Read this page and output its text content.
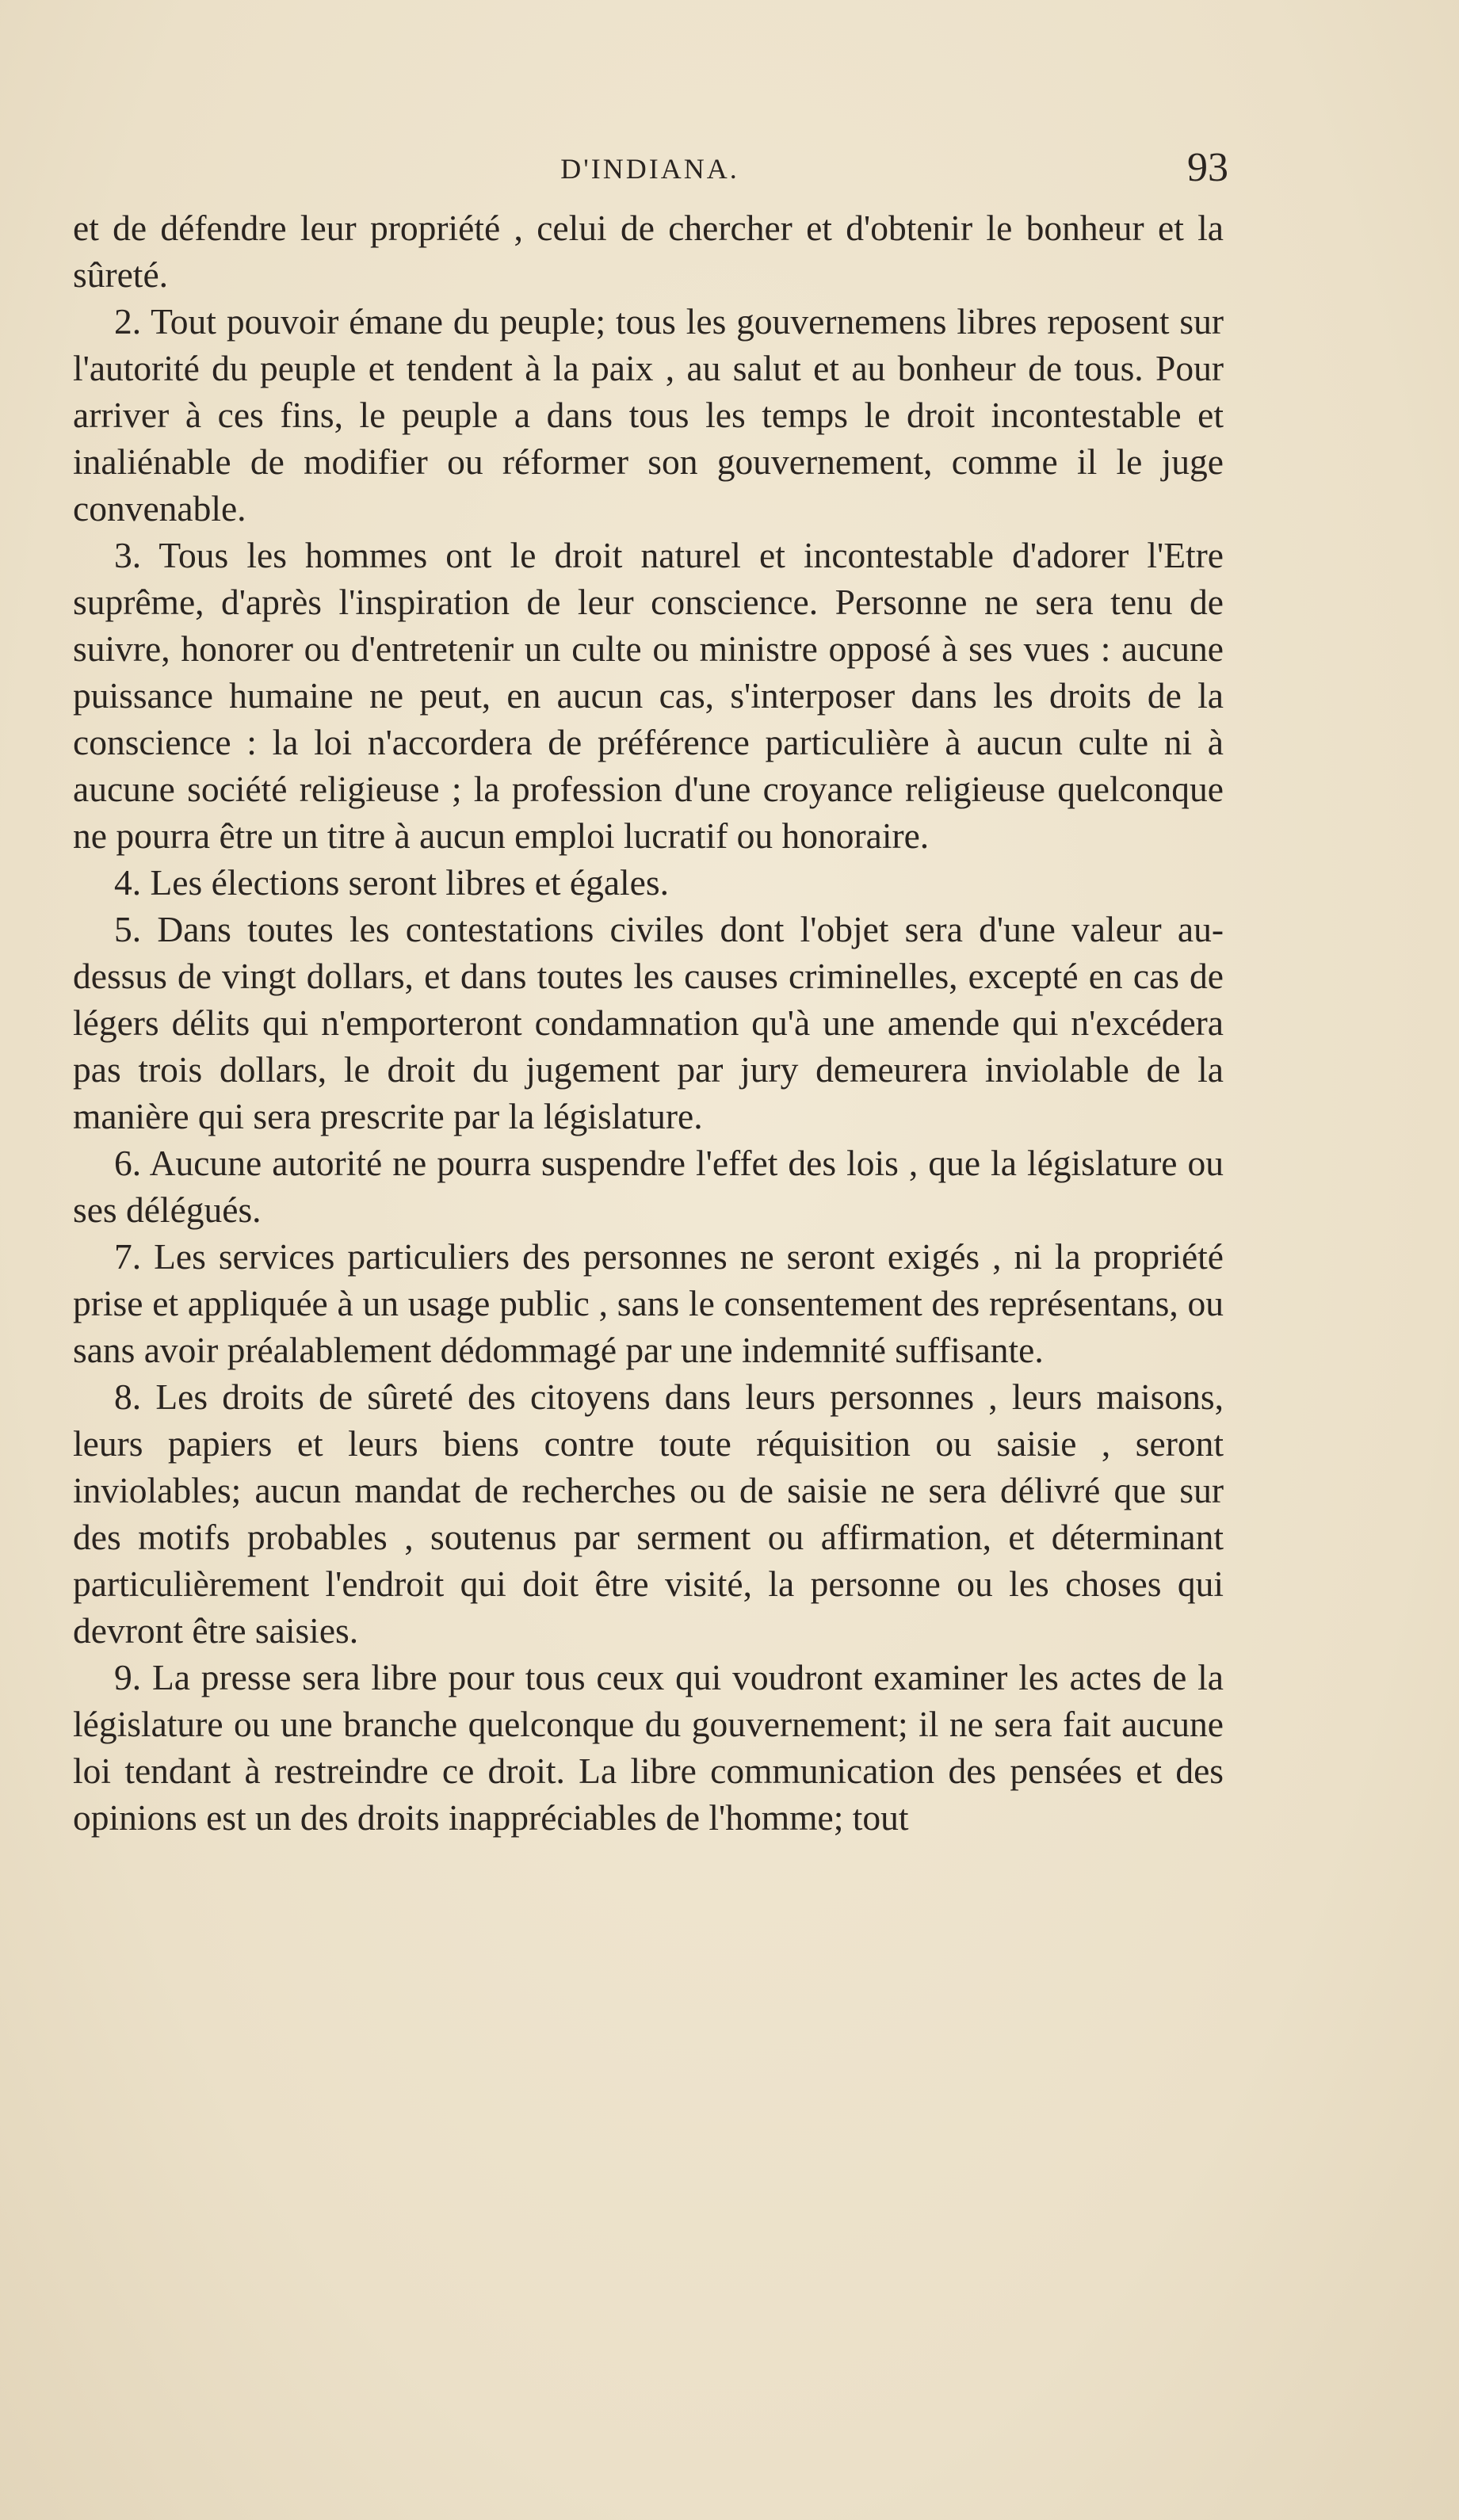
D'INDIANA.	93

et de défendre leur propriété , celui de chercher et d'obtenir le bonheur et la sûreté.

2. Tout pouvoir émane du peuple; tous les gouvernemens libres reposent sur l'autorité du peuple et tendent à la paix , au salut et au bonheur de tous. Pour arriver à ces fins, le peuple a dans tous les temps le droit incontestable et inaliénable de modifier ou réformer son gouvernement, comme il le juge convenable.

3. Tous les hommes ont le droit naturel et incontestable d'adorer l'Etre suprême, d'après l'inspiration de leur conscience. Personne ne sera tenu de suivre, honorer ou d'entretenir un culte ou ministre opposé à ses vues : aucune puissance humaine ne peut, en aucun cas, s'interposer dans les droits de la conscience : la loi n'accordera de préférence particulière à aucun culte ni à aucune société religieuse ; la profession d'une croyance religieuse quelconque ne pourra être un titre à aucun emploi lucratif ou honoraire.

4. Les élections seront libres et égales.

5. Dans toutes les contestations civiles dont l'objet sera d'une valeur au-dessus de vingt dollars, et dans toutes les causes criminelles, excepté en cas de légers délits qui n'emporteront condamnation qu'à une amende qui n'excédera pas trois dollars, le droit du jugement par jury demeurera inviolable de la manière qui sera prescrite par la législature.

6. Aucune autorité ne pourra suspendre l'effet des lois , que la législature ou ses délégués.

7. Les services particuliers des personnes ne seront exigés , ni la propriété prise et appliquée à un usage public , sans le consentement des représentans, ou sans avoir préalablement dédommagé par une indemnité suffisante.

8. Les droits de sûreté des citoyens dans leurs personnes , leurs maisons, leurs papiers et leurs biens contre toute réquisition ou saisie , seront inviolables; aucun mandat de recherches ou de saisie ne sera délivré que sur des motifs probables , soutenus par serment ou affirmation, et déterminant particulièrement l'endroit qui doit être visité, la personne ou les choses qui devront être saisies.

9. La presse sera libre pour tous ceux qui voudront examiner les actes de la législature ou une branche quelconque du gouvernement; il ne sera fait aucune loi tendant à restreindre ce droit. La libre communication des pensées et des opinions est un des droits inappréciables de l'homme; tout
